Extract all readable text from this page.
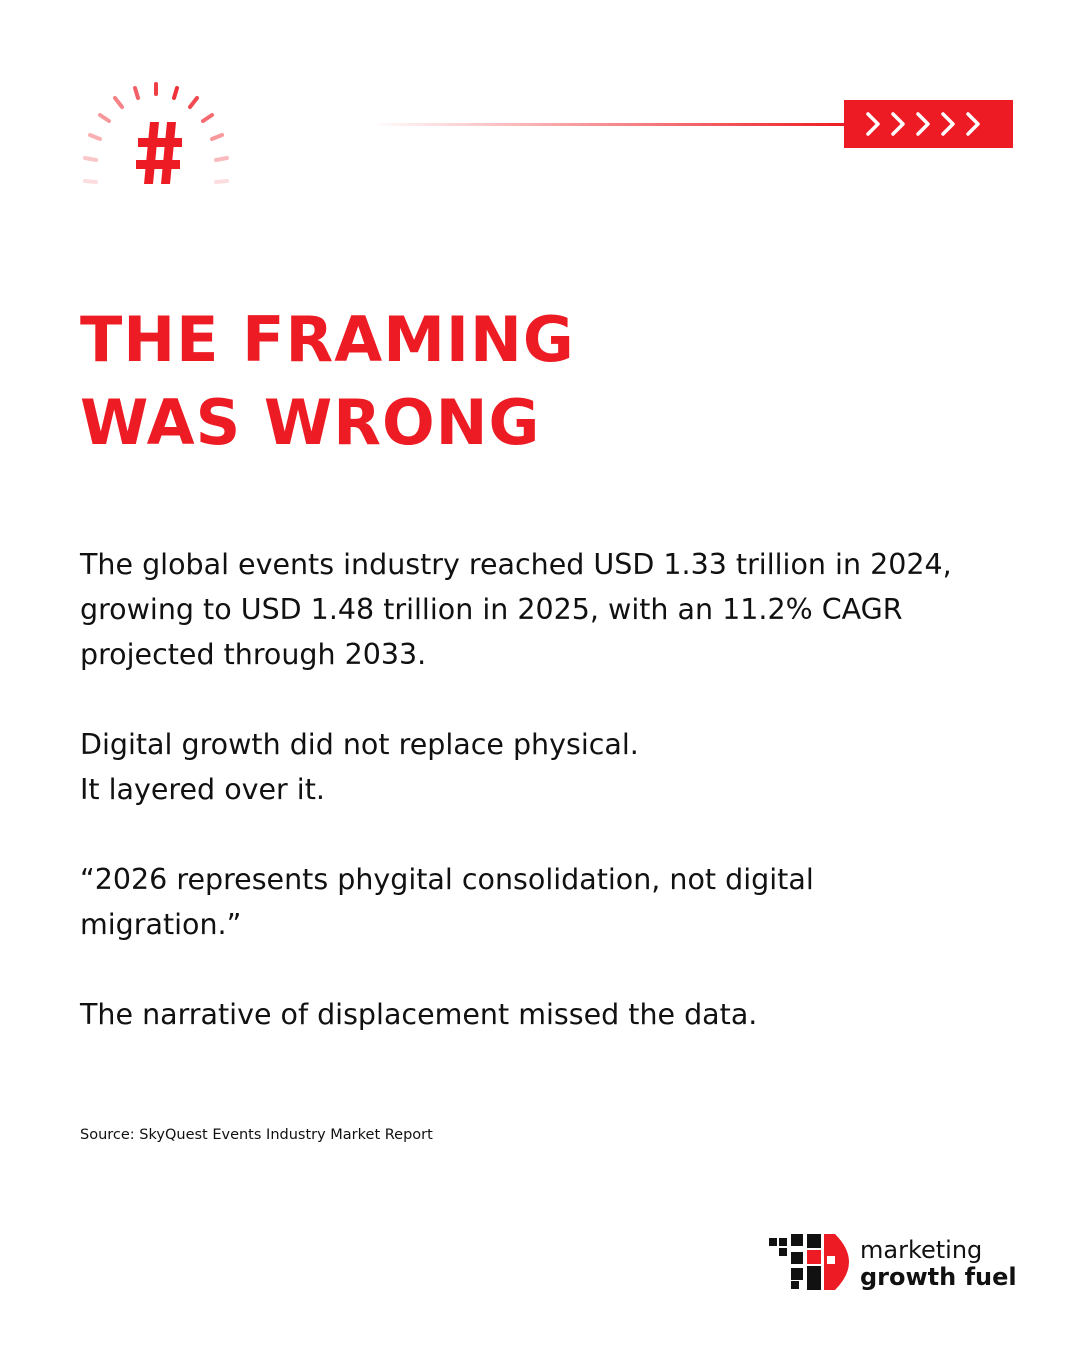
THE FRAMING
WAS WRONG

The global events industry reached USD 1.33 trillion in 2024, growing to USD 1.48 trillion in 2025, with an 11.2% CAGR projected through 2033.

Digital growth did not replace physical.
It layered over it.

“2026 represents phygital consolidation, not digital migration.”

The narrative of displacement missed the data.

Source: SkyQuest Events Industry Market Report
marketing
growth fuel
